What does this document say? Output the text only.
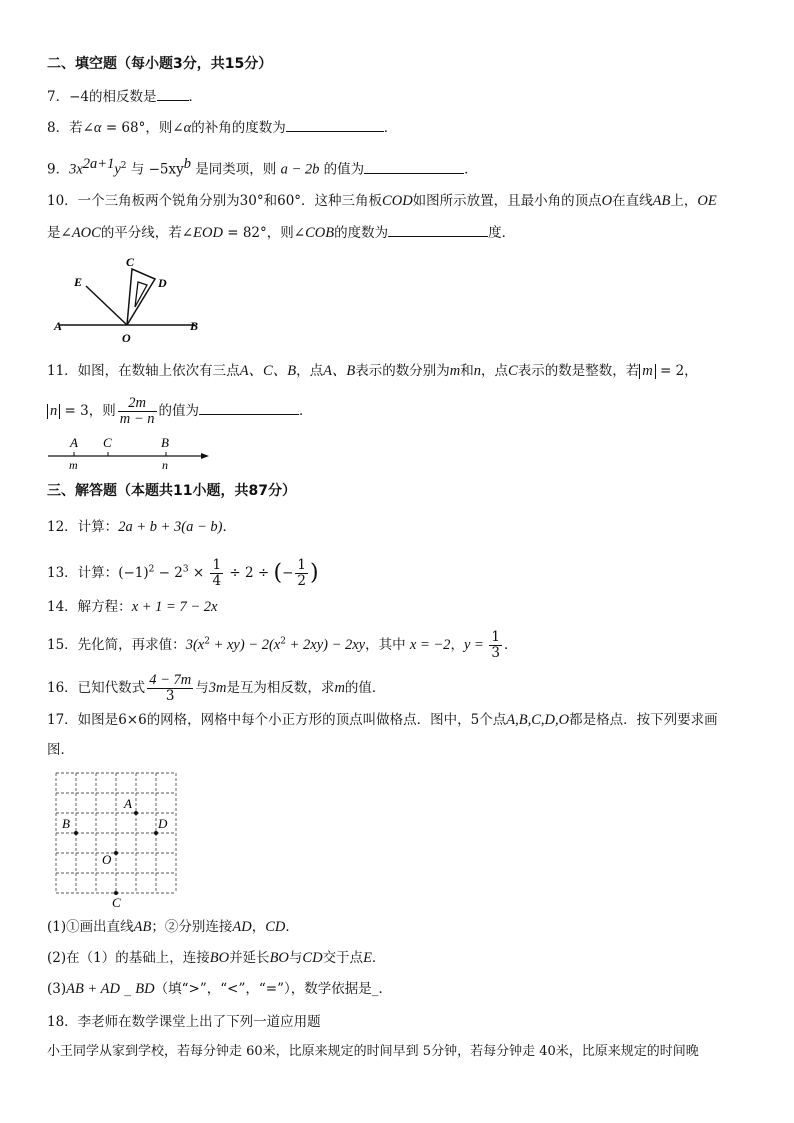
二、填空题（每小题3分，共15分）
7．−4的相反数是 ．
8．若∠α = 68°，则∠α的补角的度数为	．
9．$3x^{2a+1}y^2$ 与 $-5xy^b$ 是同类项，则 a − 2b 的值为	．
10．一个三角板两个锐角分别为30°和60°．这种三角板COD如图所示放置，且最小角的顶点O在直线AB上，OE
是∠AOC的平分线，若∠EOD = 82°，则∠COB的度数为	度．
E
C
D
A
O
B
11．如图，在数轴上依次有三点A、C、B，点A、B表示的数分别为m和n，点C表示的数是整数，若 m = 2，
n = 3，则 $\frac{2m}{m - n}$ 的值为	．
A C	B
m	n
三、解答题（本题共11小题，共87分）
12．计算：2a + b + 3(a − b)．
13．计算：$(-1)^2 - 2^3 \times \frac{1}{4} \div 2$ ÷ (− $\frac{1}{2}$ )
14．解方程：x + 1 = 7 − 2x
15．先化简，再求值：$3(x^2 + xy) - 2(x^2 + 2xy) - 2xy$，其中 x = −2，$y = \frac{1}{3}$ ．
16．已知代数式 $\frac{4 - 7m}{3}$ 与3m是互为相反数，求m的值．
17．如图是6×6的网格，网格中每个小正方形的顶点叫做格点．图中，5个点A,B,C,D,O都是格点．按下列要求画
图．
A
B	D
O
C
(1)①画出直线AB；②分别连接AD，CD．
(2)在（1）的基础上，连接BO并延长BO与CD交于点E．
(3)AB + AD _ BD（填“>”，“<”，“=”），数学依据是_．
18．李老师在数学课堂上出了下列一道应用题
小王同学从家到学校，若每分钟走 60米，比原来规定的时间早到 5分钟，若每分钟走 40米，比原来规定的时间晚
